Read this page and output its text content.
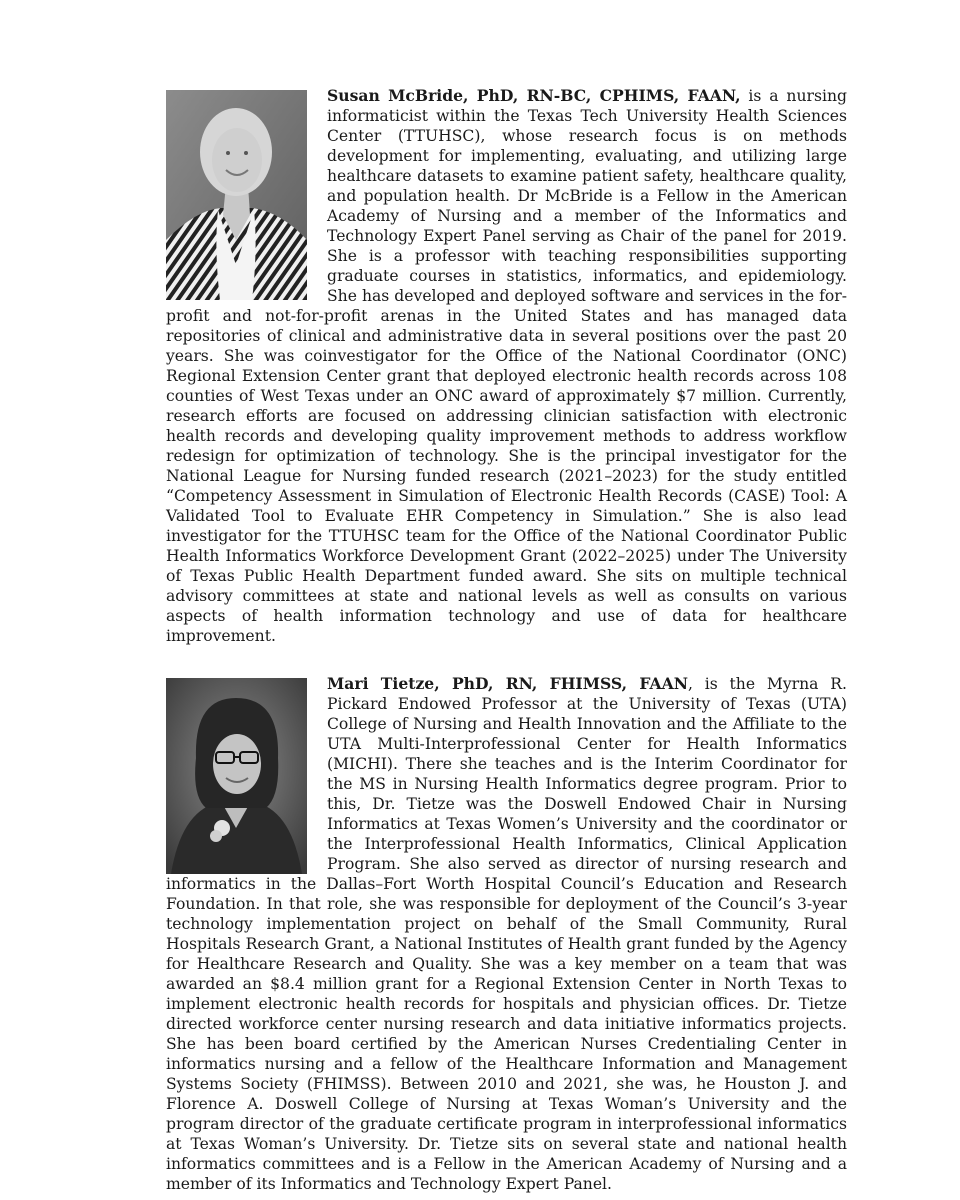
Susan McBride, PhD, RN-BC, CPHIMS, FAAN, is a nursing informaticist within the Texas Tech University Health Sciences Center (TTUHSC), whose research focus is on methods development for implementing, evaluating, and utilizing large healthcare datasets to examine patient safety, healthcare quality, and population health. Dr McBride is a Fellow in the American Academy of Nursing and a member of the Informatics and Technology Expert Panel serving as Chair of the panel for 2019. She is a professor with teaching responsibilities supporting graduate courses in statistics, informatics, and epidemiology. She has developed and deployed software and services in the for-profit and not-for-profit arenas in the United States and has managed data repositories of clinical and administrative data in several positions over the past 20 years. She was coinvestigator for the Office of the National Coordinator (ONC) Regional Extension Center grant that deployed electronic health records across 108 counties of West Texas under an ONC award of approximately $7 million. Currently, research efforts are focused on addressing clinician satisfaction with electronic health records and developing quality improvement methods to address workflow redesign for optimization of technology. She is the principal investigator for the National League for Nursing funded research (2021–2023) for the study entitled “Competency Assessment in Simulation of Electronic Health Records (CASE) Tool: A Validated Tool to Evaluate EHR Competency in Simulation.” She is also lead investigator for the TTUHSC team for the Office of the National Coordinator Public Health Informatics Workforce Development Grant (2022–2025) under The University of Texas Public Health Department funded award. She sits on multiple technical advisory committees at state and national levels as well as consults on various aspects of health information technology and use of data for healthcare improvement.

Mari Tietze, PhD, RN, FHIMSS, FAAN, is the Myrna R. Pickard Endowed Professor at the University of Texas (UTA) College of Nursing and Health Innovation and the Affiliate to the UTA Multi-Interprofessional Center for Health Informatics (MICHI). There she teaches and is the Interim Coordinator for the MS in Nursing Health Informatics degree program. Prior to this, Dr. Tietze was the Doswell Endowed Chair in Nursing Informatics at Texas Women’s University and the coordinator or the Interprofessional Health Informatics, Clinical Application Program. She also served as director of nursing research and informatics in the Dallas–Fort Worth Hospital Council’s Education and Research Foundation. In that role, she was responsible for deployment of the Council’s 3-year technology implementation project on behalf of the Small Community, Rural Hospitals Research Grant, a National Institutes of Health grant funded by the Agency for Healthcare Research and Quality. She was a key member on a team that was awarded an $8.4 million grant for a Regional Extension Center in North Texas to implement electronic health records for hospitals and physician offices. Dr. Tietze directed workforce center nursing research and data initiative informatics projects. She has been board certified by the American Nurses Credentialing Center in informatics nursing and a fellow of the Healthcare Information and Management Systems Society (FHIMSS). Between 2010 and 2021, she was, he Houston J. and Florence A. Doswell College of Nursing at Texas Woman’s University and the program director of the graduate certificate program in interprofessional informatics at Texas Woman’s University. Dr. Tietze sits on several state and national health informatics committees and is a Fellow in the American Academy of Nursing and a member of its Informatics and Technology Expert Panel.
